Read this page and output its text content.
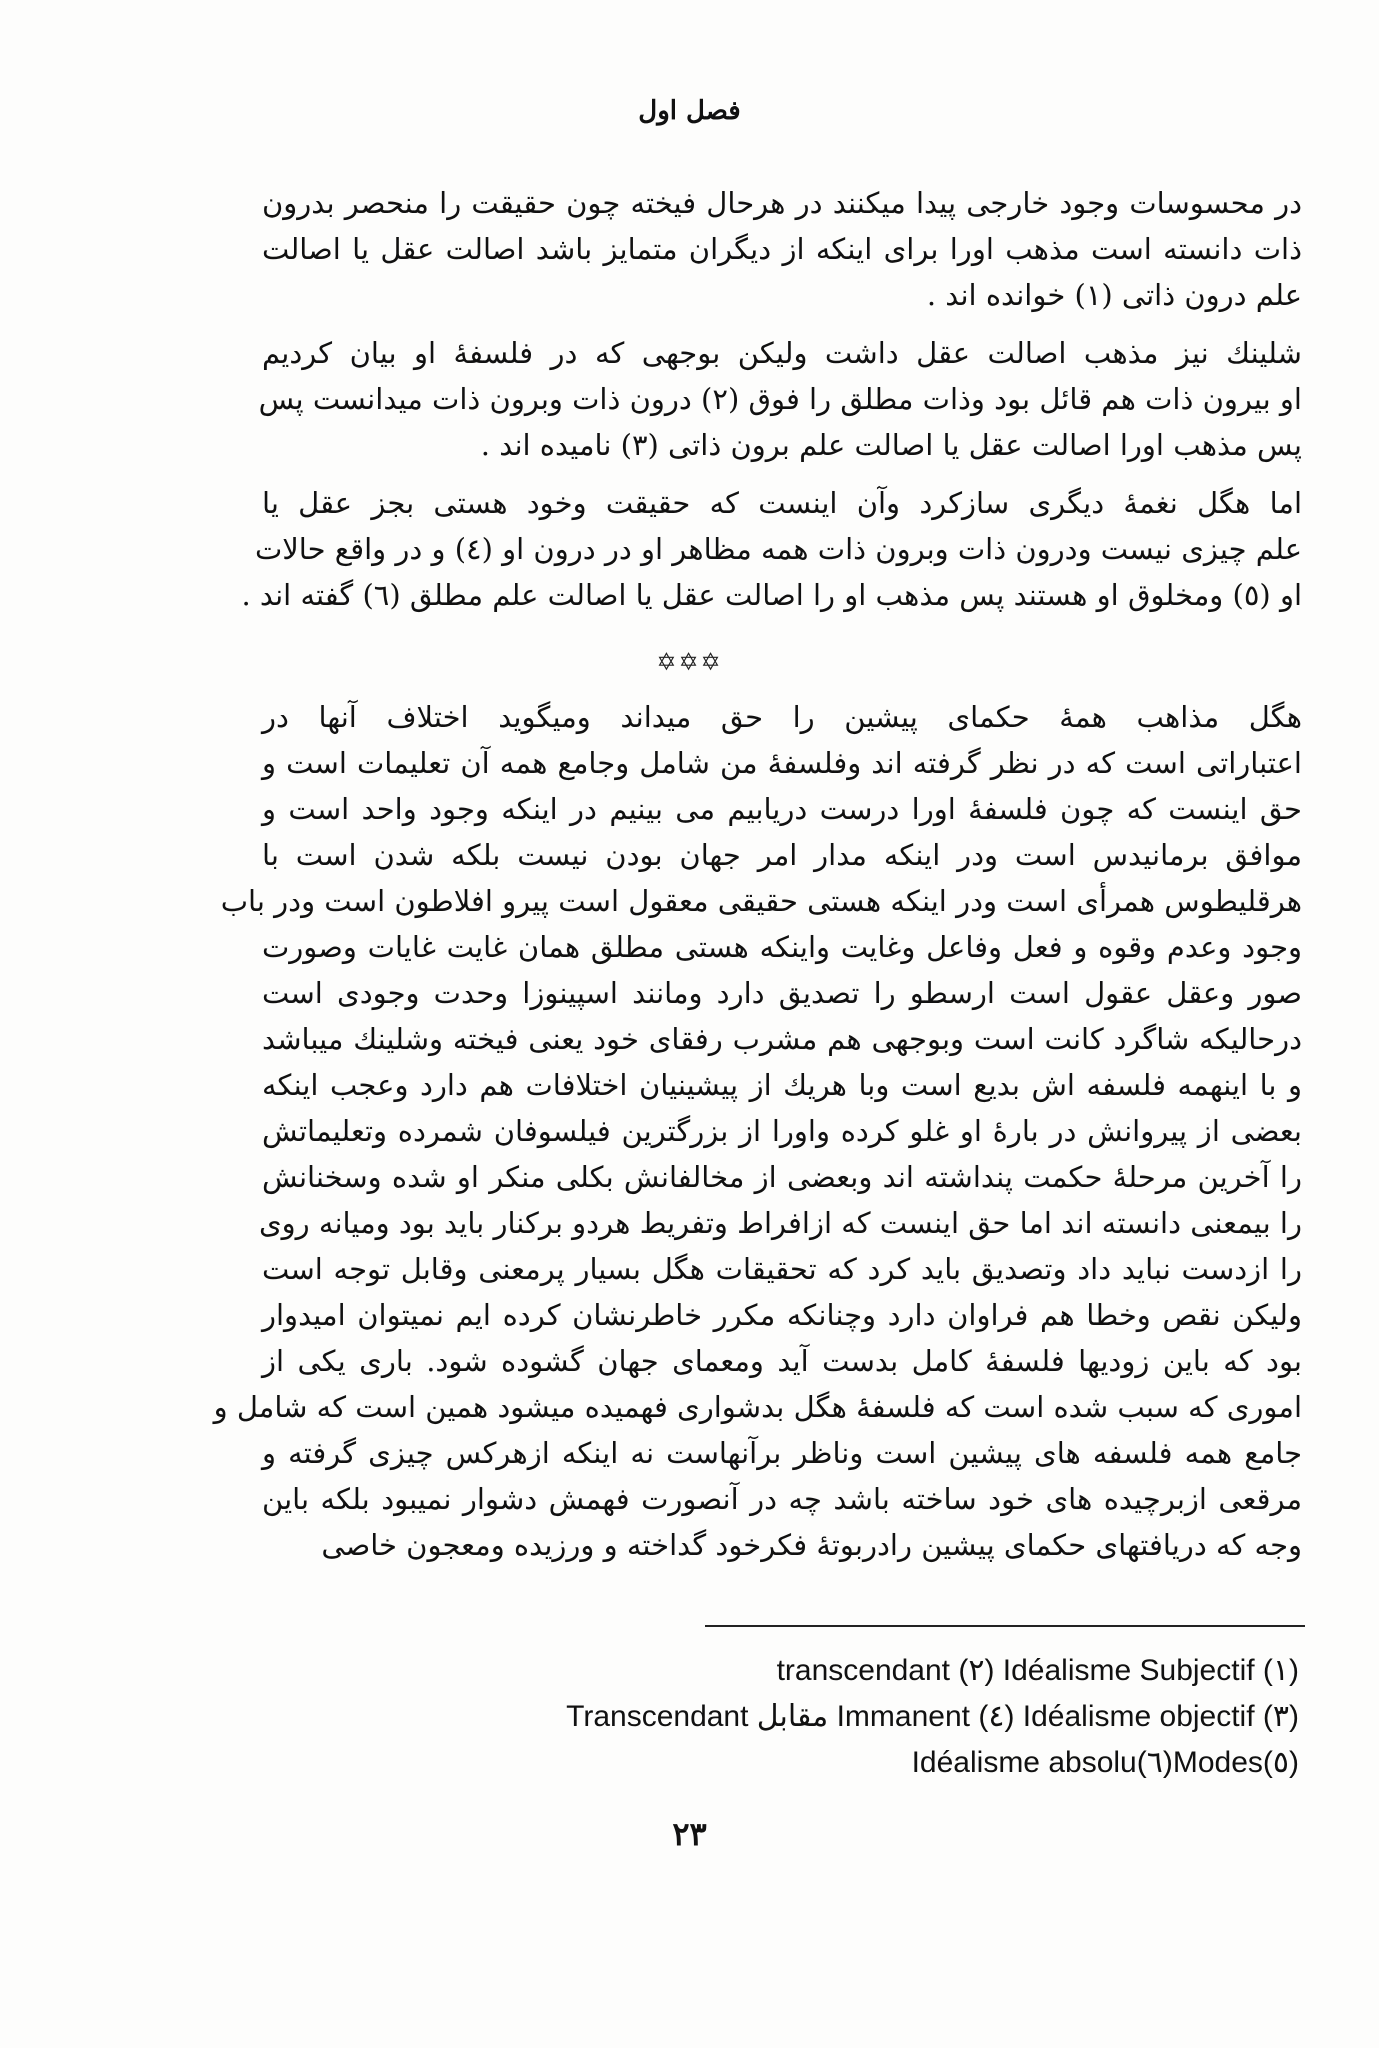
فصل اول
در محسوسات وجود خارجی پیدا میکنند در هرحال فیخته چون حقیقت را منحصر بدرون
ذات دانسته است مذهب اورا برای اینکه از دیگران متمایز باشد اصالت عقل یا اصالت
علم درون ذاتی (۱) خوانده اند .
شلینك نیز مذهب اصالت عقل داشت ولیکن بوجهی که در فلسفهٔ او بیان کردیم
او بیرون ذات هم قائل بود وذات مطلق را فوق (۲) درون ذات وبرون ذات میدانست پس
پس مذهب اورا اصالت عقل یا اصالت علم برون ذاتی (۳) نامیده اند .
اما هگل نغمهٔ دیگری سازکرد وآن اینست که حقیقت وخود هستی بجز عقل یا
علم چیزی نیست ودرون ذات وبرون ذات همه مظاهر او در درون او (٤) و در واقع حالات
او (٥) ومخلوق او هستند پس مذهب او را اصالت عقل یا اصالت علم مطلق (٦) گفته اند .
✡✡✡
هگل مذاهب همهٔ حکمای پیشین را حق میداند ومیگوید اختلاف آنها در
اعتباراتی است که در نظر گرفته اند وفلسفهٔ من شامل وجامع همه آن تعلیمات است و
حق اینست که چون فلسفهٔ اورا درست دریابیم می بینیم در اینکه وجود واحد است و
موافق برمانیدس است ودر اینکه مدار امر جهان بودن نیست بلکه شدن است با
هرقلیطوس همرأی است ودر اینکه هستی حقیقی معقول است پیرو افلاطون است ودر باب
وجود وعدم وقوه و فعل وفاعل وغایت واینکه هستی مطلق همان غایت غایات وصورت
صور وعقل عقول است ارسطو را تصدیق دارد ومانند اسپینوزا وحدت وجودی است
درحالیکه شاگرد کانت است وبوجهی هم مشرب رفقای خود یعنی فیخته وشلینك میباشد
و با اینهمه فلسفه اش بدیع است وبا هریك از پیشینیان اختلافات هم دارد وعجب اینکه
بعضی از پیروانش در بارهٔ او غلو کرده واورا از بزرگترین فیلسوفان شمرده وتعلیماتش
را آخرین مرحلهٔ حکمت پنداشته اند وبعضی از مخالفانش بکلی منکر او شده وسخنانش
را بیمعنی دانسته اند اما حق اینست که ازافراط وتفریط هردو برکنار باید بود ومیانه روی
را ازدست نباید داد وتصدیق باید کرد که تحقیقات هگل بسیار پرمعنی وقابل توجه است
ولیکن نقص وخطا هم فراوان دارد وچنانکه مکرر خاطرنشان کرده ایم نمیتوان امیدوار
بود که باین زودیها فلسفهٔ کامل بدست آید ومعمای جهان گشوده شود. باری یکی از
اموری که سبب شده است که فلسفهٔ هگل بدشواری فهمیده میشود همین است که شامل و
جامع همه فلسفه های پیشین است وناظر برآنهاست نه اینکه ازهرکس چیزی گرفته و
مرقعی ازبرچیده های خود ساخته باشد چه در آنصورت فهمش دشوار نمیبود بلکه باین
وجه که دریافتهای حکمای پیشین رادربوتهٔ فکرخود گداخته و ورزیده ومعجون خاصی
transcendant (۲) Idéalisme Subjectif (۱)
Transcendant مقابل Immanent (٤) Idéalisme objectif (۳)
Idéalisme absolu(٦)Modes(٥)
۲۳
